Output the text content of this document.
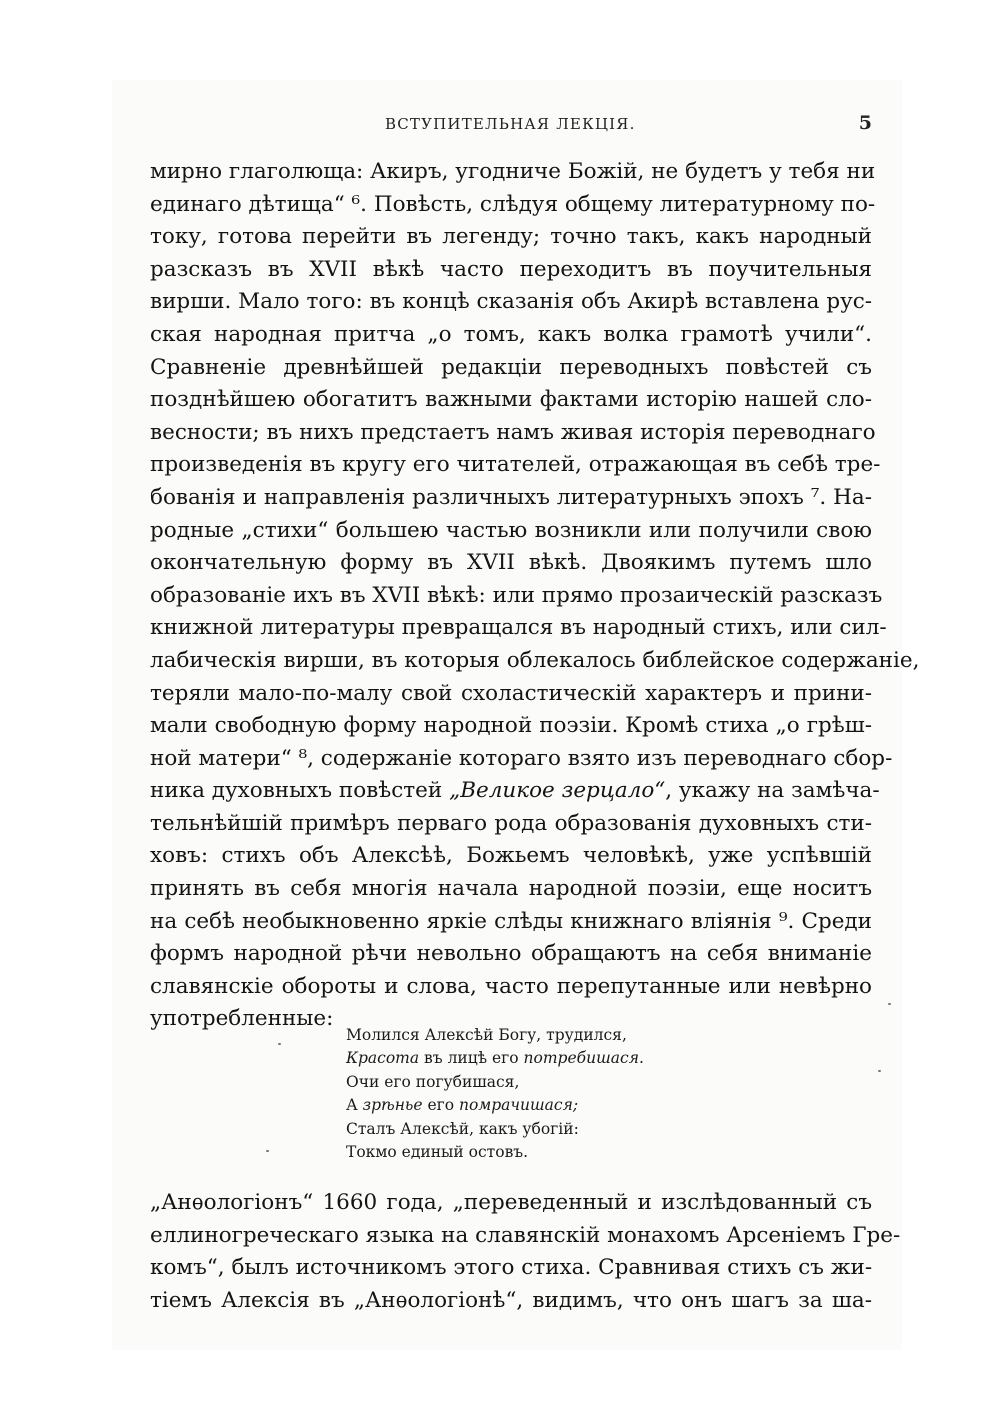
ВСТУПИТЕЛЬНАЯ ЛЕКЦІЯ.	5
мирно глаголюща: Акиръ, угодниче Божій, не будетъ у тебя ни
единаго дѣтища“ ⁶. Повѣсть, слѣдуя общему литературному по-
току, готова перейти въ легенду; точно такъ, какъ народный
разсказъ въ XVII вѣкѣ часто переходитъ въ поучительныя
вирши. Мало того: въ концѣ сказанія объ Акирѣ вставлена рус-
ская народная притча „о томъ, какъ волка грамотѣ учили“.
Сравненіе древнѣйшей редакціи переводныхъ повѣстей съ
позднѣйшею обогатитъ важными фактами исторію нашей сло-
весности; въ нихъ предстаетъ намъ живая исторія переводнаго
произведенія въ кругу его читателей, отражающая въ себѣ тре-
бованія и направленія различныхъ литературныхъ эпохъ ⁷. На-
родные „стихи“ большею частью возникли или получили свою
окончательную форму въ XVII вѣкѣ. Двоякимъ путемъ шло
образованіе ихъ въ XVII вѣкѣ: или прямо прозаическій разсказъ
книжной литературы превращался въ народный стихъ, или сил-
лабическія вирши, въ которыя облекалось библейское содержаніе,
теряли мало-по-малу свой схоластическій характеръ и прини-
мали свободную форму народной поэзіи. Кромѣ стиха „о грѣш-
ной матери“ ⁸, содержаніе котораго взято изъ переводнаго сбор-
ника духовныхъ повѣстей „Великое зерцало“, укажу на замѣча-
тельнѣйшій примѣръ перваго рода образованія духовныхъ сти-
ховъ: стихъ объ Алексѣѣ, Божьемъ человѣкѣ, уже успѣвшій
принять въ себя многія начала народной поэзіи, еще носитъ
на себѣ необыкновенно яркіе слѣды книжнаго вліянія ⁹. Среди
формъ народной рѣчи невольно обращаютъ на себя вниманіе
славянскіе обороты и слова, часто перепутанные или невѣрно
употребленные:
Молился Алексѣй Богу, трудился,
Красота въ лицѣ его потребишася.
Очи его погубишася,
А зрѣнье его помрачишася;
Сталъ Алексѣй, какъ убогій:
Токмо единый остовъ.
„Анѳологіонъ“ 1660 года, „переведенный и изслѣдованный съ
еллиногреческагo языка на славянскій монахомъ Арсеніемъ Гре-
комъ“, былъ источникомъ этого стиха. Сравнивая стихъ съ жи-
тіемъ Алексія въ „Анѳологіонѣ“, видимъ, что онъ шагъ за ша-
